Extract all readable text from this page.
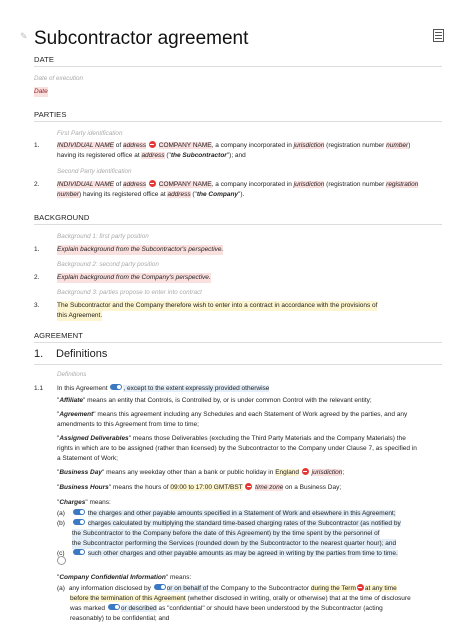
✎ Subcontractor agreement
DATE
Date of execution
Date
PARTIES
First Party identification
1.	INDIVIDUAL NAME of address COMPANY NAME, a company incorporated in jurisdiction (registration number number)
having its registered office at address ("the Subcontractor"); and
Second Party identification
2.	INDIVIDUAL NAME of address COMPANY NAME, a company incorporated in jurisdiction (registration number registration
number) having its registered office at address ("the Company").
BACKGROUND
Background 1: first party position
1.	Explain background from the Subcontractor's perspective.
Background 2: second party position
2.	Explain background from the Company's perspective.
Background 3: parties propose to enter into contract
3.	The Subcontractor and the Company therefore wish to enter into a contract in accordance with the provisions of
this Agreement.
AGREEMENT
1. Definitions
Definitions
1.1 In this Agreement , except to the extent expressly provided otherwise
"Affiliate" means an entity that Controls, is Controlled by, or is under common Control with the relevant entity;
"Agreement" means this agreement including any Schedules and each Statement of Work agreed by the parties, and any
amendments to this Agreement from time to time;
"Assigned Deliverables" means those Deliverables (excluding the Third Party Materials and the Company Materials) the
rights in which are to be assigned (rather than licensed) by the Subcontractor to the Company under Clause 7, as specified in
a Statement of Work;
"Business Day" means any weekday other than a bank or public holiday in England jurisdiction;
"Business Hours" means the hours of 09:00 to 17:00 GMT/BST time zone on a Business Day;
"Charges" means:
(a)	the charges and other payable amounts specified in a Statement of Work and elsewhere in this Agreement;
(b)	charges calculated by multiplying the standard time-based charging rates of the Subcontractor (as notified by
the Subcontractor to the Company before the date of this Agreement) by the time spent by the personnel of
the Subcontractor performing the Services (rounded down by the Subcontractor to the nearest quarter hour); and
(c)	such other charges and other payable amounts as may be agreed in writing by the parties from time to time.
"Company Confidential Information" means:
(a) any information disclosed by or on behalf of the Company to the Subcontractor during the Term at any time
before the termination of this Agreement (whether disclosed in writing, orally or otherwise) that at the time of disclosure
was marked or described as "confidential" or should have been understood by the Subcontractor (acting
reasonably) to be confidential; and
